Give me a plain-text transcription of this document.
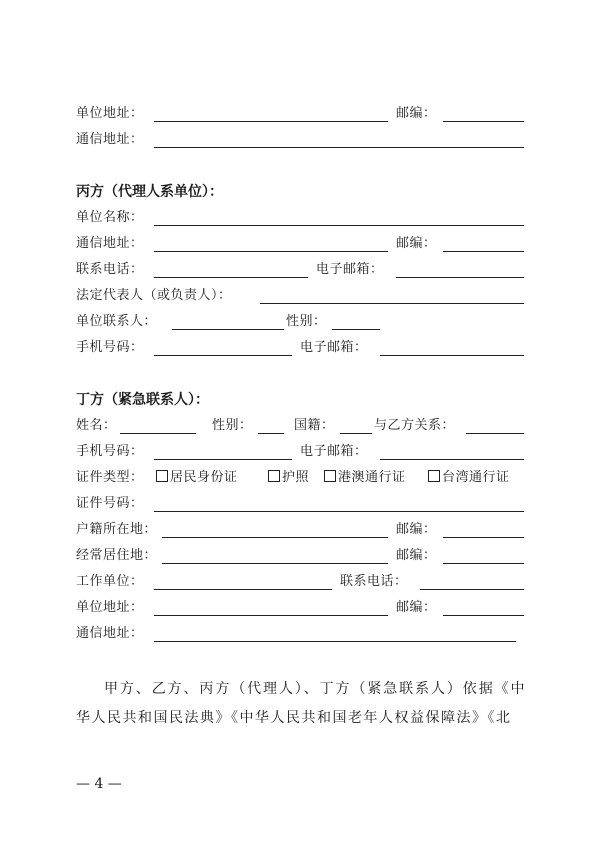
单位地址：	邮编：
通信地址：
丙方（代理人系单位）：
单位名称：
通信地址：	邮编：
联系电话：	电子邮箱：
法定代表人（或负责人）：
单位联系人：	性别：
手机号码：	电子邮箱：
丁方（紧急联系人）：
姓名：	性别：	国籍：	与乙方关系：
手机号码：	电子邮箱：
证件类型：	居民身份证	护照	港澳通行证	台湾通行证
证件号码：
户籍所在地：	邮编：
经常居住地：	邮编：
工作单位：	联系电话：
单位地址：	邮编：
通信地址：
甲方、乙方、丙方（代理人）、丁方（紧急联系人）依据《中华人民共和国民法典》《中华人民共和国老年人权益保障法》《北
— 4 —
